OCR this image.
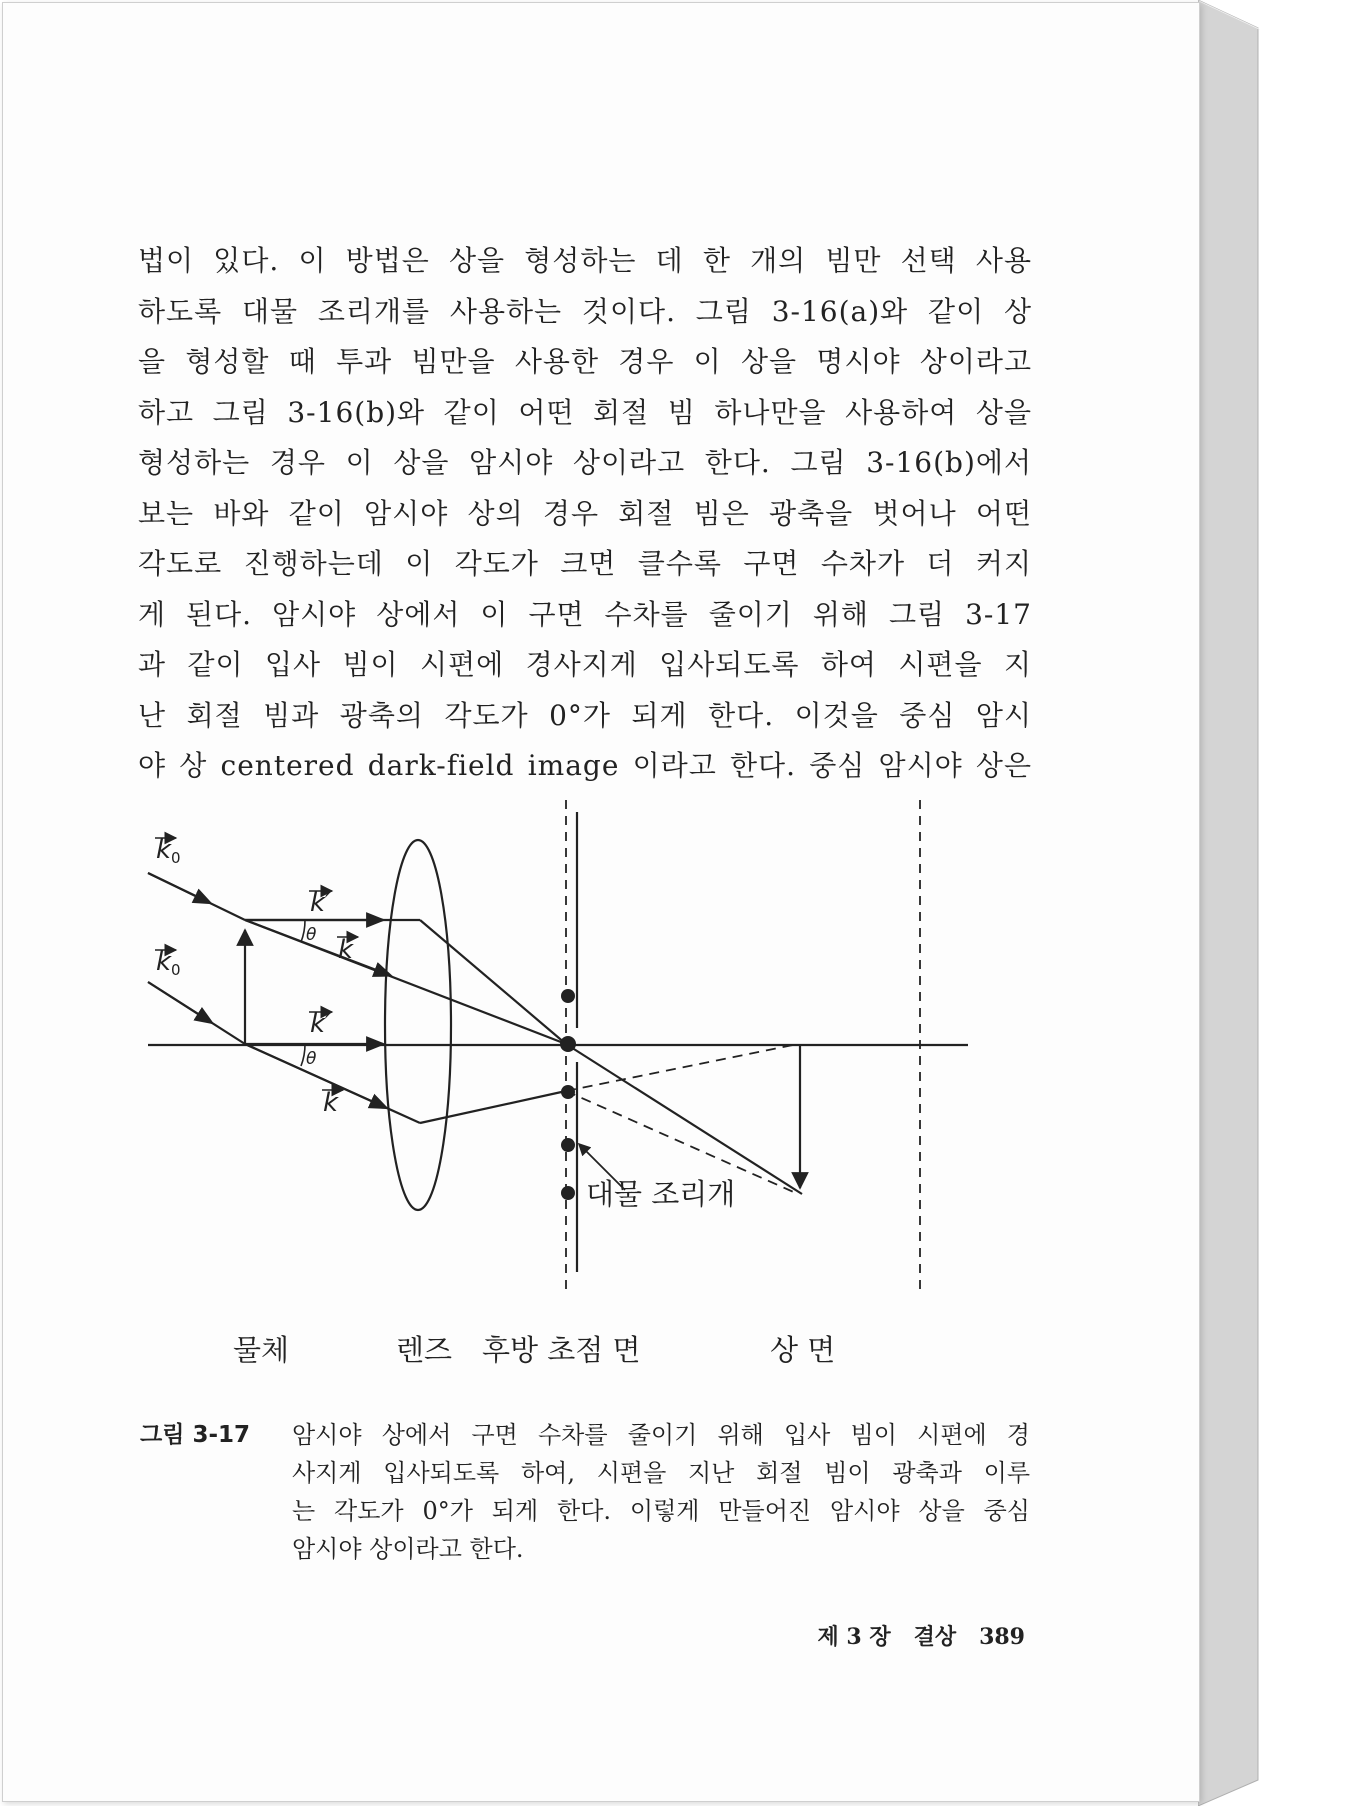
법이 있다. 이 방법은 상을 형성하는 데 한 개의 빔만 선택 사용
하도록 대물 조리개를 사용하는 것이다. 그림 3-16(a)와 같이 상
을 형성할 때 투과 빔만을 사용한 경우 이 상을 명시야 상이라고
하고 그림 3-16(b)와 같이 어떤 회절 빔 하나만을 사용하여 상을
형성하는 경우 이 상을 암시야 상이라고 한다. 그림 3-16(b)에서
보는 바와 같이 암시야 상의 경우 회절 빔은 광축을 벗어나 어떤
각도로 진행하는데 이 각도가 크면 클수록 구면 수차가 더 커지
게 된다. 암시야 상에서 이 구면 수차를 줄이기 위해 그림 3-17
과 같이 입사 빔이 시편에 경사지게 입사되도록 하여 시편을 지
난 회절 빔과 광축의 각도가 0°가 되게 한다. 이것을 중심 암시
야 상 centered dark-field image 이라고 한다. 중심 암시야 상은
k 0
k 0
k′
k
k′
k
θ
θ
대물 조리개
물체	렌즈 후방 초점 면	상 면
그림 3-17 암시야 상에서 구면 수차를 줄이기 위해 입사 빔이 시편에 경
사지게 입사되도록 하여, 시편을 지난 회절 빔이 광축과 이루
는 각도가 0°가 되게 한다. 이렇게 만들어진 암시야 상을 중심
암시야 상이라고 한다.
제 3 장 결상 389
